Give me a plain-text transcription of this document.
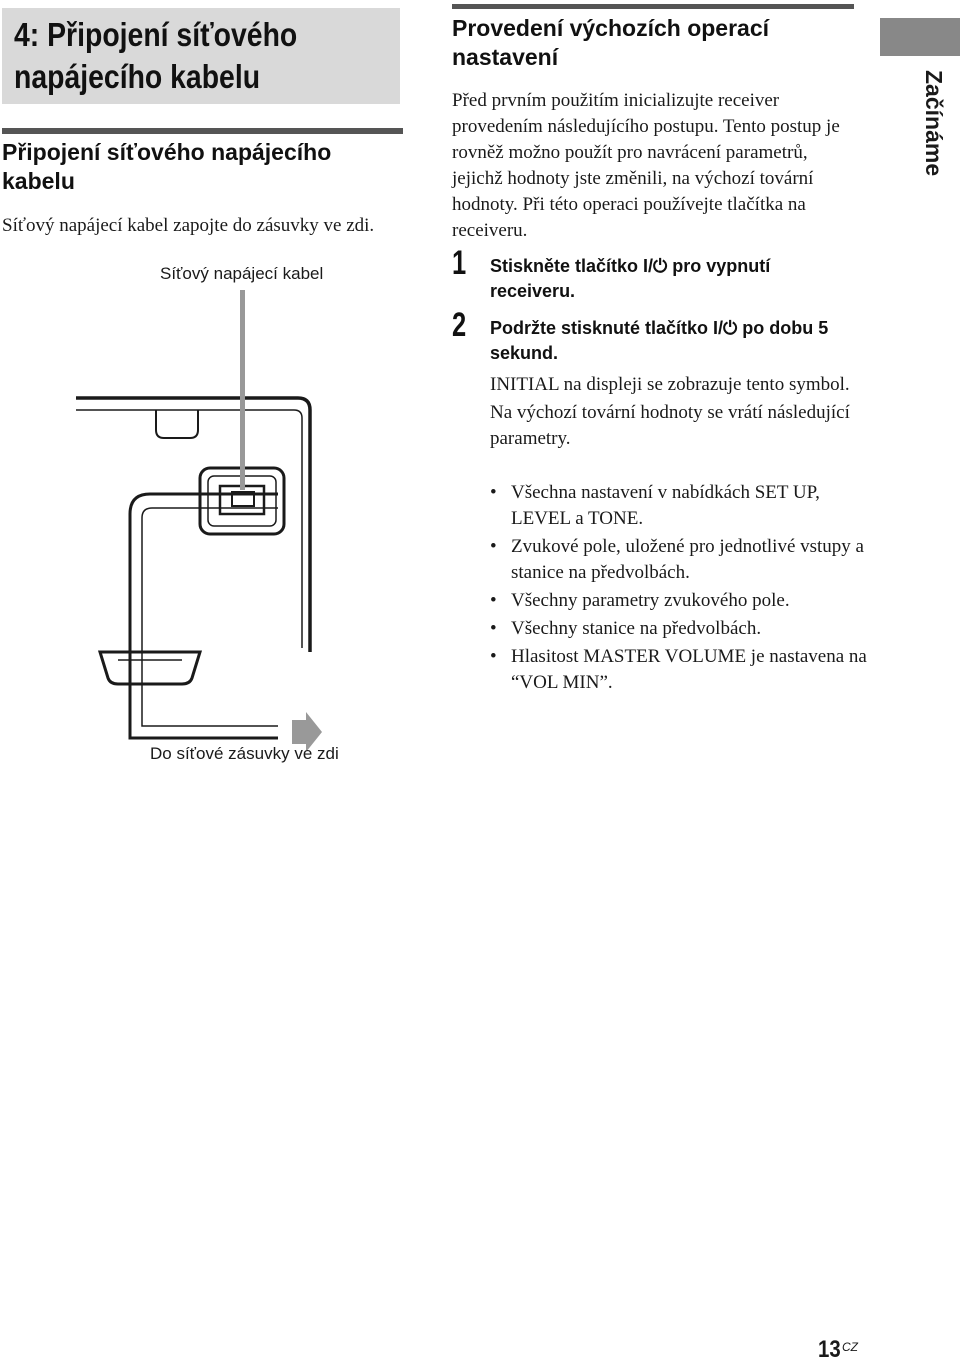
4: Připojení síťového napájecího kabelu
Připojení síťového napájecího kabelu
Síťový napájecí kabel zapojte do zásuvky ve zdi.
Síťový napájecí kabel
Do síťové zásuvky ve zdi
Provedení výchozích operací nastavení
Před prvním použitím inicializujte receiver provedením následujícího postupu. Tento postup je rovněž možno použít pro navrácení parametrů, jejichž hodnoty jste změnili, na výchozí tovární hodnoty. Při této operaci používejte tlačítka na receiveru.
1 Stiskněte tlačítko I/⏻ pro vypnutí receiveru.
2 Podržte stisknuté tlačítko I/⏻ po dobu 5 sekund.

INITIAL na displeji se zobrazuje tento symbol.

Na výchozí tovární hodnoty se vrátí následující parametry.

• Všechna nastavení v nabídkách SET UP, LEVEL a TONE.
• Zvukové pole, uložené pro jednotlivé vstupy a stanice na předvolbách.
• Všechny parametry zvukového pole.
• Všechny stanice na předvolbách.
• Hlasitost MASTER VOLUME je nastavena na “VOL MIN”.
Začínáme
13 CZ
